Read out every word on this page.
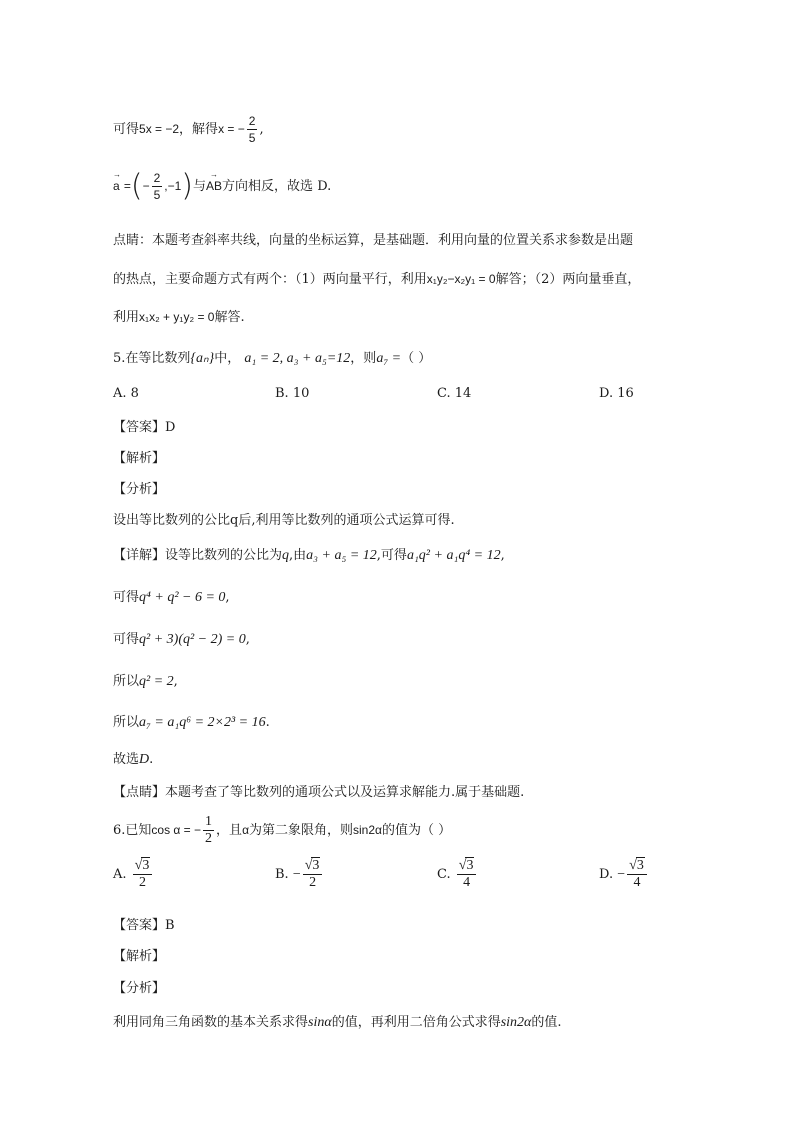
可得5x = −2，解得x = − $\frac{2}{5}$ ,
→ a =(− $\frac{2}{5} ,-1$)与→ AB方向相反，故选 D.
点睛：本题考查斜率共线，向量的坐标运算，是基础题．利用向量的位置关系求参数是出题
的热点，主要命题方式有两个：（1）两向量平行，利用x₁y₂−x₂y₁ = 0解答；（2）两向量垂直，
利用x₁x₂ + y₁y₂ = 0解答.
5.在等比数列{aₙ}中， a₁ = 2, a₃ + a₅=12，则a₇ =（ ）
A. 8	B. 10	C. 14	D. 16
【答案】D
【解析】
【分析】
设出等比数列的公比q后,利用等比数列的通项公式运算可得.
【详解】设等比数列的公比为q,由a₃ + a₅ = 12,可得a₁q² + a₁q⁴ = 12,
可得q⁴ + q² − 6 = 0,
可得q² + 3)(q² − 2) = 0,
所以q² = 2,
所以a₇ = a₁q⁶ = 2×2³ = 16.
故选D.
【点睛】本题考查了等比数列的通项公式以及运算求解能力.属于基础题.
6.已知cos α = − $\frac{1}{2}$ ，且α为第二象限角，则sin2α的值为（ ）
A. $\frac{√3}{2}$	B. − $\frac{√3}{2}$	C. $\frac{√3}{4}$	D. − $\frac{√3}{4}$
【答案】B
【解析】
【分析】
利用同角三角函数的基本关系求得sinα的值，再利用二倍角公式求得sin2α的值.
